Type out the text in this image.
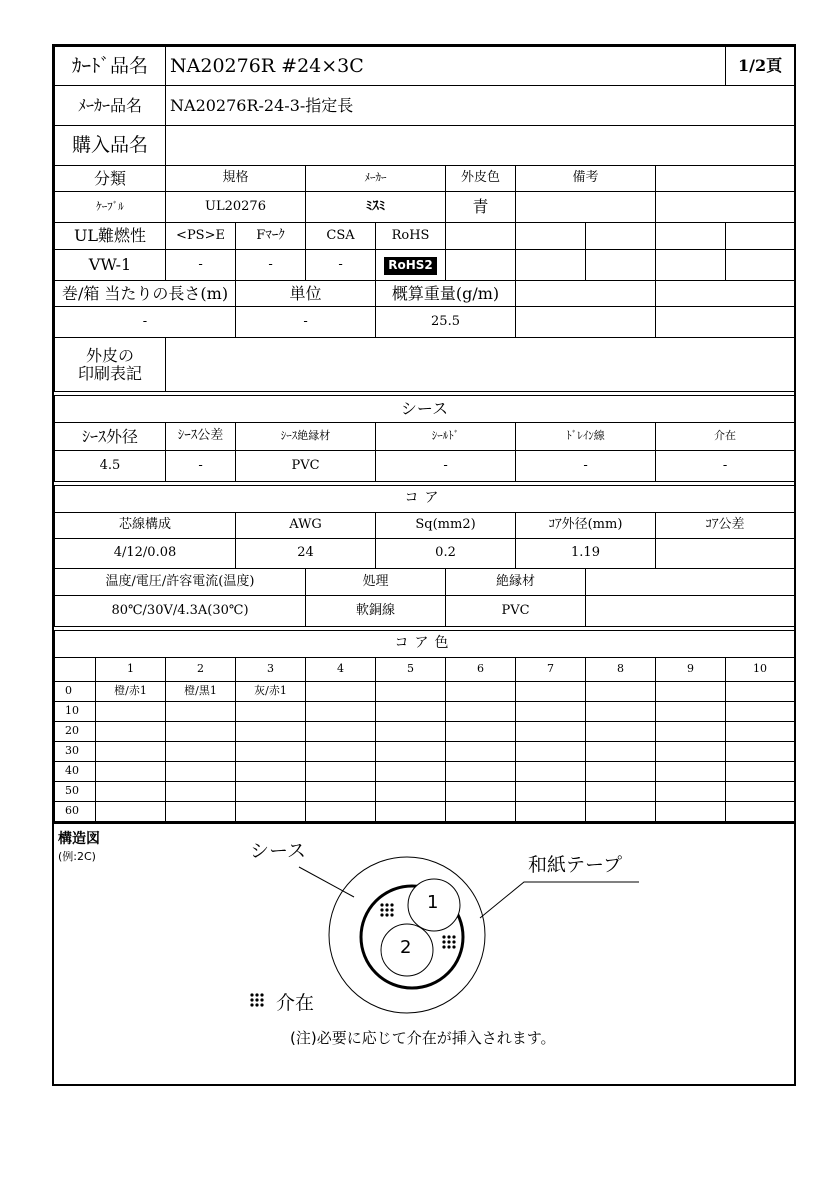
ｶｰﾄﾞ品名		NA20276R #24×3C								1/2頁
ﾒｰｶｰ品名		NA20276R-24-3-指定長								
購入品名										
分類		規格		ﾒｰｶｰ		外皮色	備考			
ｹｰﾌﾞﾙ		UL20276		ﾐｽﾐ		青				
UL難燃性		<PS>E	Fﾏｰｸ	CSA	RoHS					
VW-1		-	-	-	RoHS2					
巻/箱 当たりの長さ(m)			単位		概算重量(g/m)					
-			-		25.5					
外皮の
印刷表記										

シース										
ｼｰｽ外径		ｼｰｽ公差	ｼｰｽ絶縁材		ｼｰﾙﾄﾞ		ﾄﾞﾚｲﾝ線		介在	
4.5		-	PVC		-		-		-	

コア										
芯線構成			AWG		Sq(mm2)		ｺｱ外径(mm)		ｺｱ公差	
4/12/0.08			24		0.2		1.19			
温度/電圧/許容電流(温度)				処理		絶縁材				
80℃/30V/4.3A(30℃)				軟銅線		PVC				

コア色										
	1	2	3	4	5	6	7	8	9	10
0	橙/赤1	橙/黒1	灰/赤1							
10										
20										
30										
40										
50										
60										
構造図
(例:2C)	シース
和紙テープ
1
2
介在
(注)必要に応じて介在が挿入されます。
